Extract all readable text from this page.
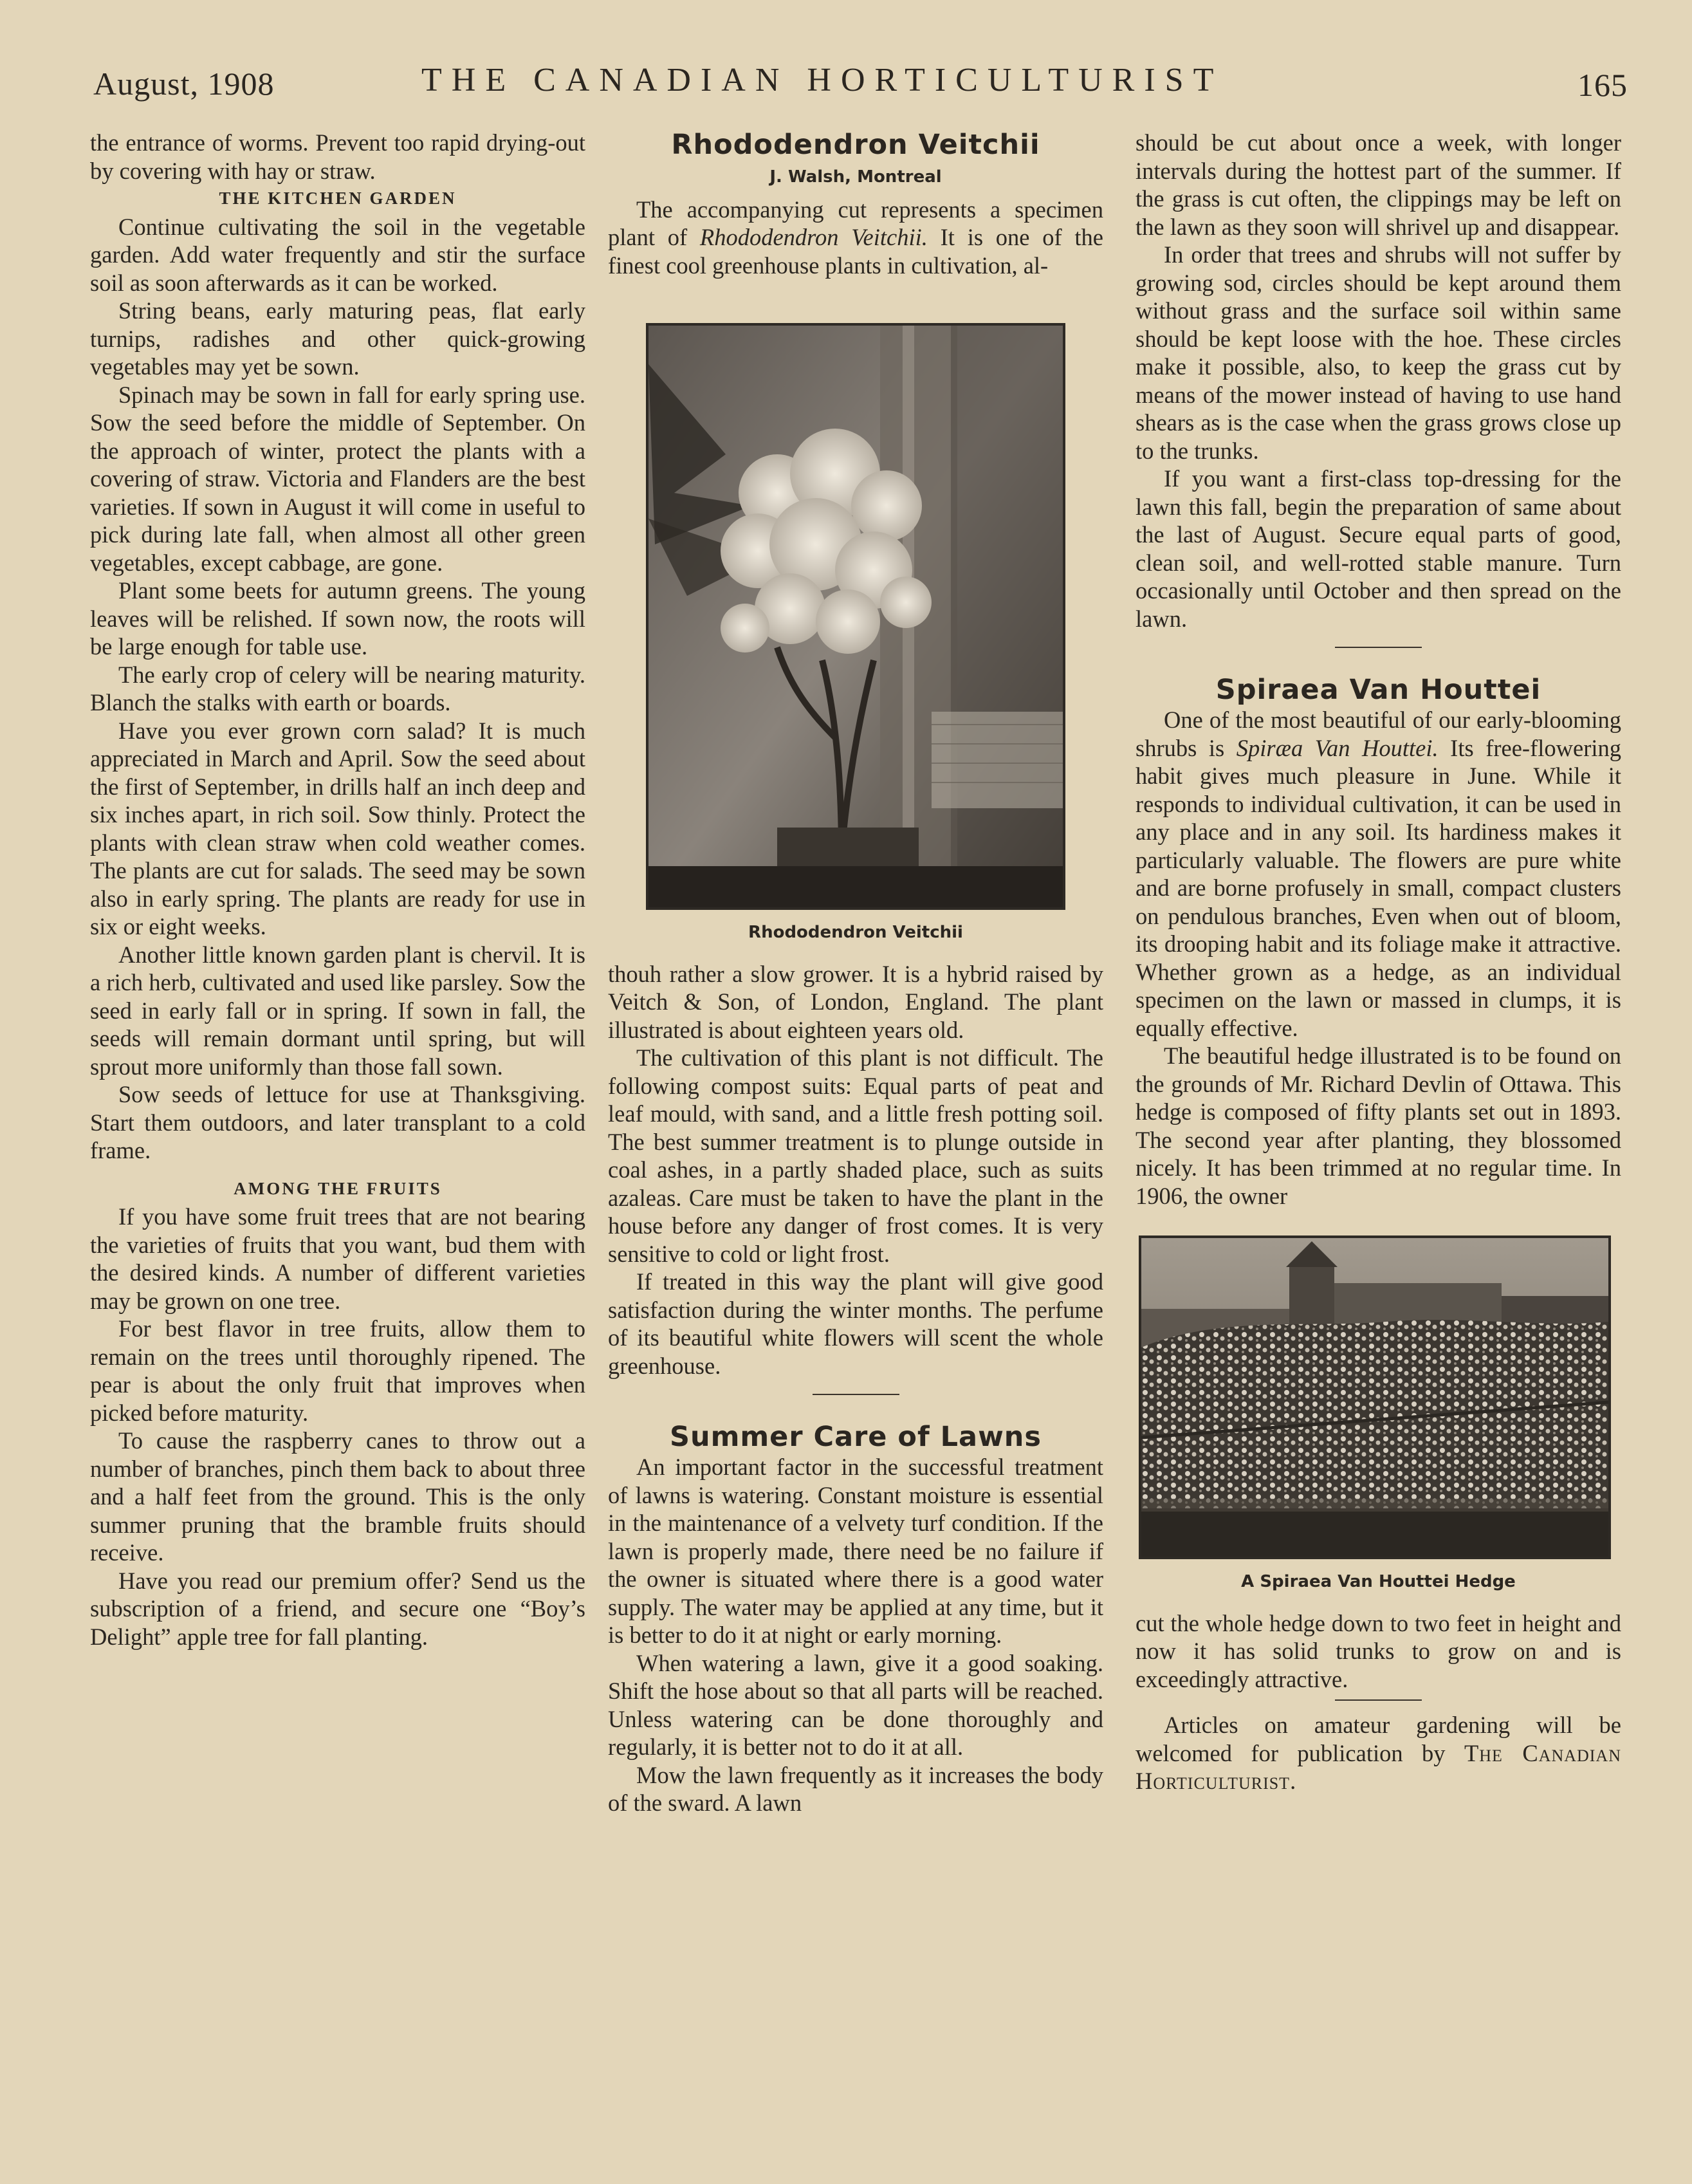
August, 1908	THE CANADIAN HORTICULTURIST	165

the entrance of worms. Prevent too rapid drying-out by covering with hay or straw.

THE KITCHEN GARDEN

Continue cultivating the soil in the vegetable garden. Add water frequently and stir the surface soil as soon afterwards as it can be worked.

String beans, early maturing peas, flat early turnips, radishes and other quick-growing vegetables may yet be sown.

Spinach may be sown in fall for early spring use. Sow the seed before the middle of September. On the approach of winter, protect the plants with a covering of straw. Victoria and Flanders are the best varieties. If sown in August it will come in useful to pick during late fall, when almost all other green vegetables, except cabbage, are gone.

Plant some beets for autumn greens. The young leaves will be relished. If sown now, the roots will be large enough for table use.

The early crop of celery will be nearing maturity. Blanch the stalks with earth or boards.

Have you ever grown corn salad? It is much appreciated in March and April. Sow the seed about the first of September, in drills half an inch deep and six inches apart, in rich soil. Sow thinly. Protect the plants with clean straw when cold weather comes. The plants are cut for salads. The seed may be sown also in early spring. The plants are ready for use in six or eight weeks.

Another little known garden plant is chervil. It is a rich herb, cultivated and used like parsley. Sow the seed in early fall or in spring. If sown in fall, the seeds will remain dormant until spring, but will sprout more uniformly than those fall sown.

Sow seeds of lettuce for use at Thanksgiving. Start them outdoors, and later transplant to a cold frame.

AMONG THE FRUITS

If you have some fruit trees that are not bearing the varieties of fruits that you want, bud them with the desired kinds. A number of different varieties may be grown on one tree.

For best flavor in tree fruits, allow them to remain on the trees until thoroughly ripened. The pear is about the only fruit that improves when picked before maturity.

To cause the raspberry canes to throw out a number of branches, pinch them back to about three and a half feet from the ground. This is the only summer pruning that the bramble fruits should receive.

Have you read our premium offer? Send us the subscription of a friend, and secure one “Boy’s Delight” apple tree for fall planting.

Rhododendron Veitchii
J. Walsh, Montreal

The accompanying cut represents a specimen plant of Rhododendron Veitchii. It is one of the finest cool greenhouse plants in cultivation, al-

Rhododendron Veitchii

thouh rather a slow grower. It is a hybrid raised by Veitch & Son, of London, England. The plant illustrated is about eighteen years old.

The cultivation of this plant is not difficult. The following compost suits: Equal parts of peat and leaf mould, with sand, and a little fresh potting soil. The best summer treatment is to plunge outside in coal ashes, in a partly shaded place, such as suits azaleas. Care must be taken to have the plant in the house before any danger of frost comes. It is very sensitive to cold or light frost.

If treated in this way the plant will give good satisfaction during the winter months. The perfume of its beautiful white flowers will scent the whole greenhouse.

Summer Care of Lawns

An important factor in the successful treatment of lawns is watering. Constant moisture is essential in the maintenance of a velvety turf condition. If the lawn is properly made, there need be no failure if the owner is situated where there is a good water supply. The water may be applied at any time, but it is better to do it at night or early morning.

When watering a lawn, give it a good soaking. Shift the hose about so that all parts will be reached. Unless watering can be done thoroughly and regularly, it is better not to do it at all.

Mow the lawn frequently as it increases the body of the sward. A lawn

should be cut about once a week, with longer intervals during the hottest part of the summer. If the grass is cut often, the clippings may be left on the lawn as they soon will shrivel up and disappear.

In order that trees and shrubs will not suffer by growing sod, circles should be kept around them without grass and the surface soil within same should be kept loose with the hoe. These circles make it possible, also, to keep the grass cut by means of the mower instead of having to use hand shears as is the case when the grass grows close up to the trunks.

If you want a first-class top-dressing for the lawn this fall, begin the preparation of same about the last of August. Secure equal parts of good, clean soil, and well-rotted stable manure. Turn occasionally until October and then spread on the lawn.

Spiraea Van Houttei

One of the most beautiful of our early-blooming shrubs is Spiræa Van Houttei. Its free-flowering habit gives much pleasure in June. While it responds to individual cultivation, it can be used in any place and in any soil. Its hardiness makes it particularly valuable. The flowers are pure white and are borne profusely in small, compact clusters on pendulous branches, Even when out of bloom, its drooping habit and its foliage make it attractive. Whether grown as a hedge, as an individual specimen on the lawn or massed in clumps, it is equally effective.

The beautiful hedge illustrated is to be found on the grounds of Mr. Richard Devlin of Ottawa. This hedge is composed of fifty plants set out in 1893. The second year after planting, they blossomed nicely. It has been trimmed at no regular time. In 1906, the owner

A Spiraea Van Houttei Hedge

cut the whole hedge down to two feet in height and now it has solid trunks to grow on and is exceedingly attractive.

Articles on amateur gardening will be welcomed for publication by The Canadian Horticulturist.
